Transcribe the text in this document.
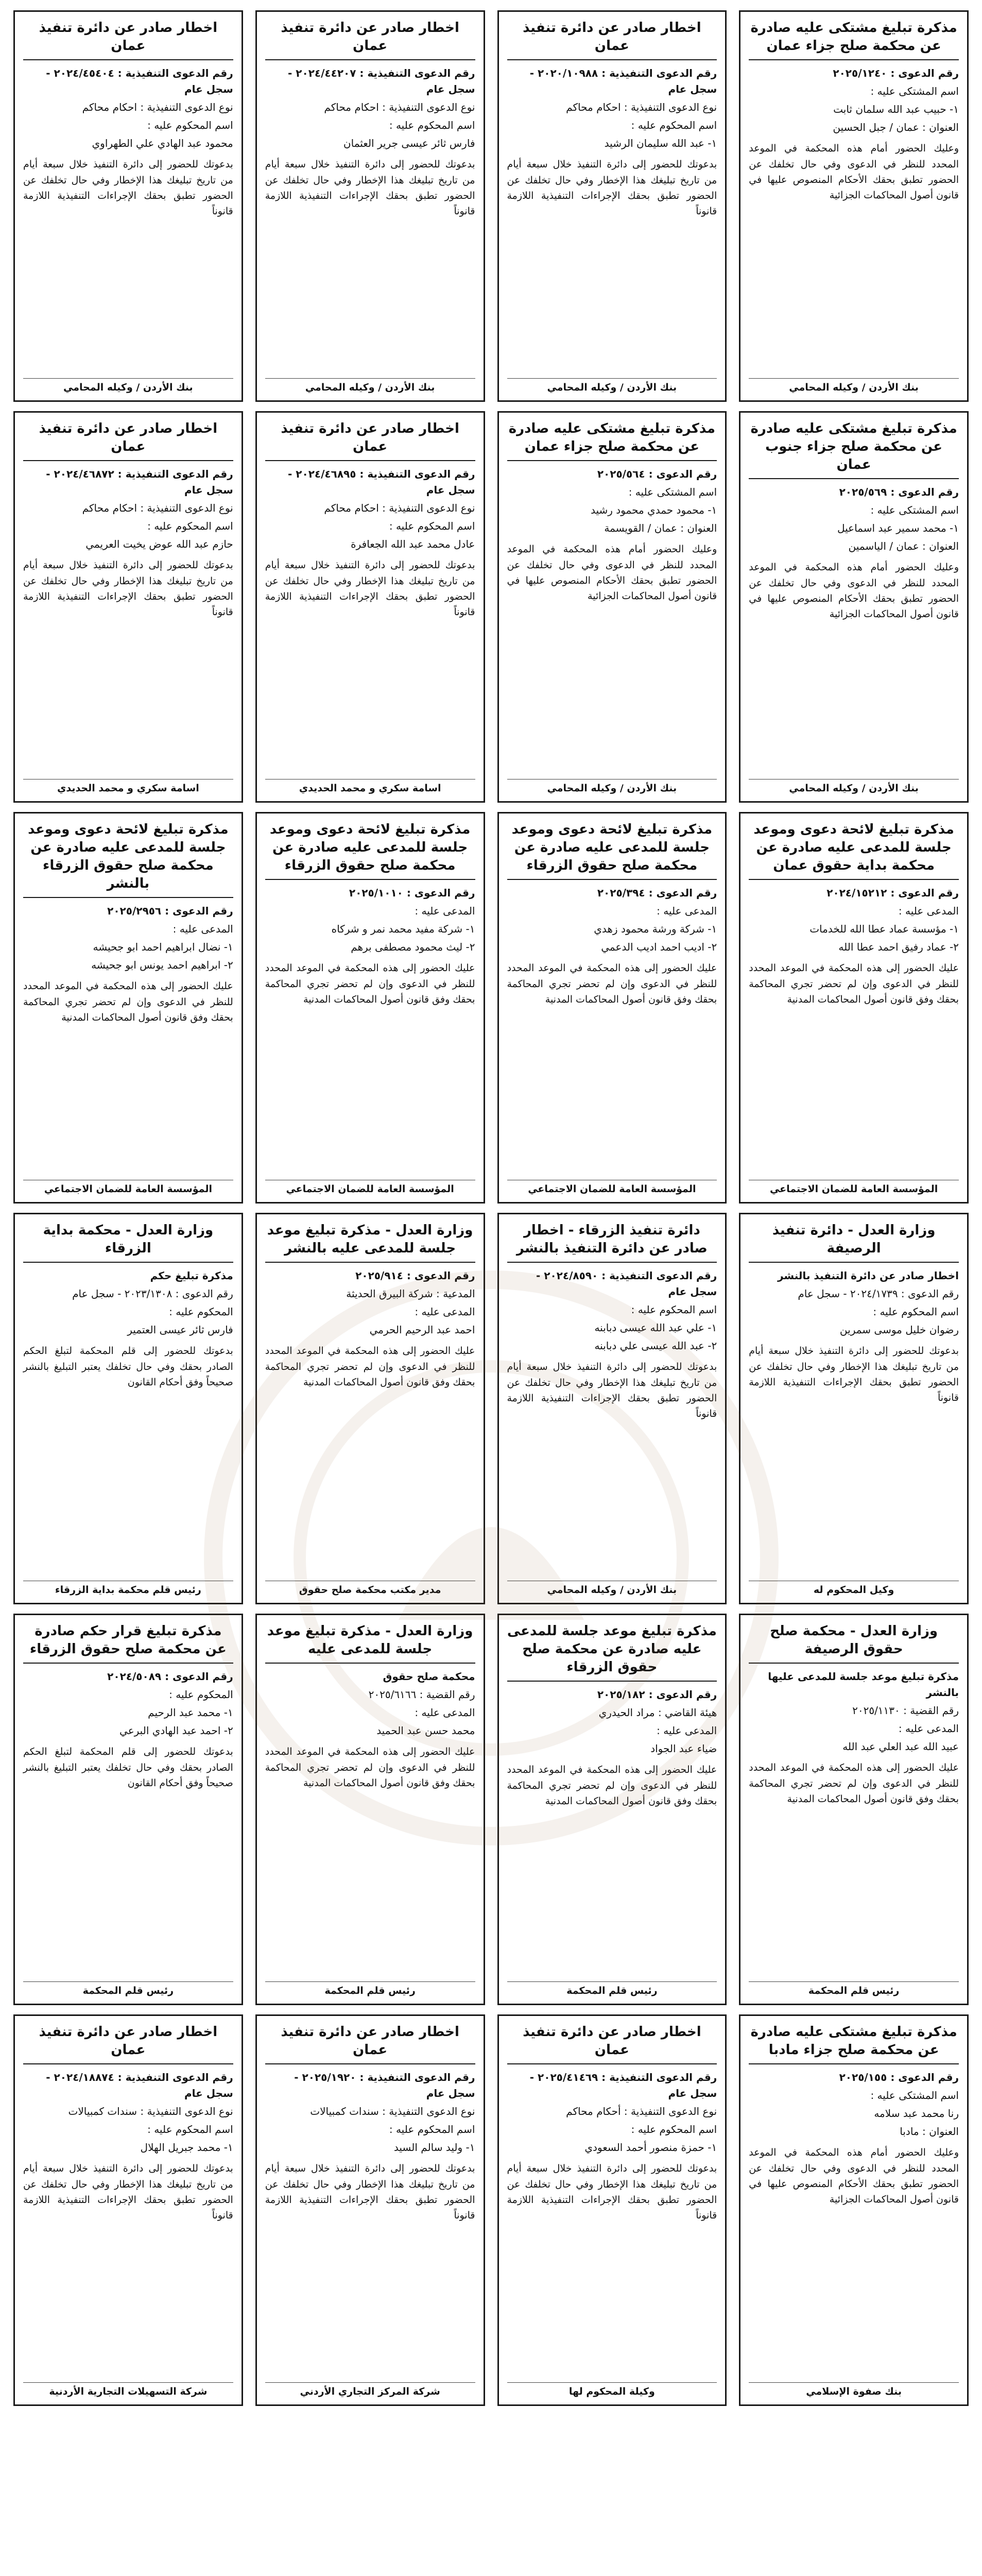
مذكرة تبليغ مشتكى عليه صادرة عن محكمة صلح جزاء عمان
رقم الدعوى : ٢٠٢٥/١٢٤٠
اسم المشتكى عليه :
١- حبيب عبد الله سلمان ثابت
العنوان : عمان / جبل الحسين
وعليك الحضور أمام هذه المحكمة في الموعد المحدد للنظر في الدعوى وفي حال تخلفك عن الحضور تطبق بحقك الأحكام المنصوص عليها في قانون أصول المحاكمات الجزائية
بنك الأردن / وكيله المحامي
اخطار صادر عن دائرة تنفيذ عمان
رقم الدعوى التنفيذية : ٢٠٢٠/١٠٩٨٨ - سجل عام
نوع الدعوى التنفيذية : احكام محاكم
اسم المحكوم عليه :
١- عبد الله سليمان الرشيد
بدعوتك للحضور إلى دائرة التنفيذ خلال سبعة أيام من تاريخ تبليغك هذا الإخطار وفي حال تخلفك عن الحضور تطبق بحقك الإجراءات التنفيذية اللازمة قانوناً
بنك الأردن / وكيله المحامي
اخطار صادر عن دائرة تنفيذ عمان
رقم الدعوى التنفيذية : ٢٠٢٤/٤٤٢٠٧ - سجل عام
نوع الدعوى التنفيذية : احكام محاكم
اسم المحكوم عليه :
فارس ثائر عيسى جرير العثمان
بدعوتك للحضور إلى دائرة التنفيذ خلال سبعة أيام من تاريخ تبليغك هذا الإخطار وفي حال تخلفك عن الحضور تطبق بحقك الإجراءات التنفيذية اللازمة قانوناً
بنك الأردن / وكيله المحامي
اخطار صادر عن دائرة تنفيذ عمان
رقم الدعوى التنفيذية : ٢٠٢٤/٤٥٤٠٤ - سجل عام
نوع الدعوى التنفيذية : احكام محاكم
اسم المحكوم عليه :
محمود عبد الهادي علي الطهراوي
بدعوتك للحضور إلى دائرة التنفيذ خلال سبعة أيام من تاريخ تبليغك هذا الإخطار وفي حال تخلفك عن الحضور تطبق بحقك الإجراءات التنفيذية اللازمة قانوناً
بنك الأردن / وكيله المحامي
مذكرة تبليغ مشتكى عليه صادرة عن محكمة صلح جزاء جنوب عمان
رقم الدعوى : ٢٠٢٥/٥٦٩
اسم المشتكى عليه :
١- محمد سمير عبد اسماعيل
العنوان : عمان / الياسمين
وعليك الحضور أمام هذه المحكمة في الموعد المحدد للنظر في الدعوى وفي حال تخلفك عن الحضور تطبق بحقك الأحكام المنصوص عليها في قانون أصول المحاكمات الجزائية
بنك الأردن / وكيله المحامي
مذكرة تبليغ مشتكى عليه صادرة عن محكمة صلح جزاء عمان
رقم الدعوى : ٢٠٢٥/٥٦٤
اسم المشتكى عليه :
١- محمود حمدي محمود رشيد
العنوان : عمان / القويسمة
وعليك الحضور أمام هذه المحكمة في الموعد المحدد للنظر في الدعوى وفي حال تخلفك عن الحضور تطبق بحقك الأحكام المنصوص عليها في قانون أصول المحاكمات الجزائية
بنك الأردن / وكيله المحامي
اخطار صادر عن دائرة تنفيذ عمان
رقم الدعوى التنفيذية : ٢٠٢٤/٤٦٨٩٥ - سجل عام
نوع الدعوى التنفيذية : احكام محاكم
اسم المحكوم عليه :
عادل محمد عبد الله الجعافرة
بدعوتك للحضور إلى دائرة التنفيذ خلال سبعة أيام من تاريخ تبليغك هذا الإخطار وفي حال تخلفك عن الحضور تطبق بحقك الإجراءات التنفيذية اللازمة قانوناً
اسامة سكري و محمد الحديدي
اخطار صادر عن دائرة تنفيذ عمان
رقم الدعوى التنفيذية : ٢٠٢٤/٤٦٨٧٢ - سجل عام
نوع الدعوى التنفيذية : احكام محاكم
اسم المحكوم عليه :
حازم عبد الله عوض يخيت العريمي
بدعوتك للحضور إلى دائرة التنفيذ خلال سبعة أيام من تاريخ تبليغك هذا الإخطار وفي حال تخلفك عن الحضور تطبق بحقك الإجراءات التنفيذية اللازمة قانوناً
اسامة سكري و محمد الحديدي
مذكرة تبليغ لائحة دعوى وموعد جلسة للمدعى عليه صادرة عن محكمة بداية حقوق عمان
رقم الدعوى : ٢٠٢٤/١٥٢١٢
المدعى عليه :
١- مؤسسة عماد عطا الله للخدمات
٢- عماد رفيق احمد عطا الله
عليك الحضور إلى هذه المحكمة في الموعد المحدد للنظر في الدعوى وإن لم تحضر تجري المحاكمة بحقك وفق قانون أصول المحاكمات المدنية
المؤسسة العامة للضمان الاجتماعي
مذكرة تبليغ لائحة دعوى وموعد جلسة للمدعى عليه صادرة عن محكمة صلح حقوق الزرقاء
رقم الدعوى : ٢٠٢٥/٣٩٤
المدعى عليه :
١- شركة ورشة محمود زهدي
٢- اديب احمد اديب الدعمي
عليك الحضور إلى هذه المحكمة في الموعد المحدد للنظر في الدعوى وإن لم تحضر تجري المحاكمة بحقك وفق قانون أصول المحاكمات المدنية
المؤسسة العامة للضمان الاجتماعي
مذكرة تبليغ لائحة دعوى وموعد جلسة للمدعى عليه صادرة عن محكمة صلح حقوق الزرقاء
رقم الدعوى : ٢٠٢٥/١٠١٠
المدعى عليه :
١- شركة مفيد محمد نمر و شركاه
٢- ليث محمود مصطفى برهم
عليك الحضور إلى هذه المحكمة في الموعد المحدد للنظر في الدعوى وإن لم تحضر تجري المحاكمة بحقك وفق قانون أصول المحاكمات المدنية
المؤسسة العامة للضمان الاجتماعي
مذكرة تبليغ لائحة دعوى وموعد جلسة للمدعى عليه صادرة عن محكمة صلح حقوق الزرقاء بالنشر
رقم الدعوى : ٢٠٢٥/٢٩٥٦
المدعى عليه :
١- نضال ابراهيم احمد ابو جحيشه
٢- ابراهيم احمد يونس ابو جحيشه
عليك الحضور إلى هذه المحكمة في الموعد المحدد للنظر في الدعوى وإن لم تحضر تجري المحاكمة بحقك وفق قانون أصول المحاكمات المدنية
المؤسسة العامة للضمان الاجتماعي
وزارة العدل - دائرة تنفيذ الرصيفة
اخطار صادر عن دائرة التنفيذ بالنشر
رقم الدعوى : ٢٠٢٤/١٧٣٩ - سجل عام
اسم المحكوم عليه :
رضوان خليل موسى سمرين
بدعوتك للحضور إلى دائرة التنفيذ خلال سبعة أيام من تاريخ تبليغك هذا الإخطار وفي حال تخلفك عن الحضور تطبق بحقك الإجراءات التنفيذية اللازمة قانوناً
وكيل المحكوم له
دائرة تنفيذ الزرقاء - اخطار صادر عن دائرة التنفيذ بالنشر
رقم الدعوى التنفيذية : ٢٠٢٤/٨٥٩٠ - سجل عام
اسم المحكوم عليه :
١- علي عبد الله عيسى دبابنه
٢- عبد الله عيسى علي دبابنه
بدعوتك للحضور إلى دائرة التنفيذ خلال سبعة أيام من تاريخ تبليغك هذا الإخطار وفي حال تخلفك عن الحضور تطبق بحقك الإجراءات التنفيذية اللازمة قانوناً
بنك الأردن / وكيله المحامي
وزارة العدل - مذكرة تبليغ موعد جلسة للمدعى عليه بالنشر
رقم الدعوى : ٢٠٢٥/٩١٤
المدعية : شركة البيرق الحديثة
المدعى عليه :
احمد عبد الرحيم الحرمي
عليك الحضور إلى هذه المحكمة في الموعد المحدد للنظر في الدعوى وإن لم تحضر تجري المحاكمة بحقك وفق قانون أصول المحاكمات المدنية
مدير مكتب محكمة صلح حقوق
وزارة العدل - محكمة بداية الزرقاء
مذكرة تبليغ حكم
رقم الدعوى : ٢٠٢٣/١٣٠٨ - سجل عام
المحكوم عليه :
فارس ثائر عيسى العتمير
بدعوتك للحضور إلى قلم المحكمة لتبلغ الحكم الصادر بحقك وفي حال تخلفك يعتبر التبليغ بالنشر صحيحاً وفق أحكام القانون
رئيس قلم محكمة بداية الزرقاء
وزارة العدل - محكمة صلح حقوق الرصيفة
مذكرة تبليغ موعد جلسة للمدعى عليها بالنشر
رقم القضية : ٢٠٢٥/١١٣٠
المدعى عليه :
عبيد الله عبد العلي عبد الله
عليك الحضور إلى هذه المحكمة في الموعد المحدد للنظر في الدعوى وإن لم تحضر تجري المحاكمة بحقك وفق قانون أصول المحاكمات المدنية
رئيس قلم المحكمة
مذكرة تبليغ موعد جلسة للمدعى عليه صادرة عن محكمة صلح حقوق الزرقاء
رقم الدعوى : ٢٠٢٥/١٨٢
هيئة القاضي : مراد الحيدري
المدعى عليه :
ضياء عبد الجواد
عليك الحضور إلى هذه المحكمة في الموعد المحدد للنظر في الدعوى وإن لم تحضر تجري المحاكمة بحقك وفق قانون أصول المحاكمات المدنية
رئيس قلم المحكمة
وزارة العدل - مذكرة تبليغ موعد جلسة للمدعى عليه
محكمة صلح حقوق
رقم القضية : ٢٠٢٥/٦١٦٦
المدعى عليه :
محمد حسن عبد الحميد
عليك الحضور إلى هذه المحكمة في الموعد المحدد للنظر في الدعوى وإن لم تحضر تجري المحاكمة بحقك وفق قانون أصول المحاكمات المدنية
رئيس قلم المحكمة
مذكرة تبليغ قرار حكم صادرة عن محكمة صلح حقوق الزرقاء
رقم الدعوى : ٢٠٢٤/٥٠٨٩
المحكوم عليه :
١- محمد عبد الرحيم
٢- احمد عبد الهادي البرعي
بدعوتك للحضور إلى قلم المحكمة لتبلغ الحكم الصادر بحقك وفي حال تخلفك يعتبر التبليغ بالنشر صحيحاً وفق أحكام القانون
رئيس قلم المحكمة
مذكرة تبليغ مشتكى عليه صادرة عن محكمة صلح جزاء مادبا
رقم الدعوى : ٢٠٢٥/١٥٥
اسم المشتكى عليه :
رنا محمد عبد سلامه
العنوان : مادبا
وعليك الحضور أمام هذه المحكمة في الموعد المحدد للنظر في الدعوى وفي حال تخلفك عن الحضور تطبق بحقك الأحكام المنصوص عليها في قانون أصول المحاكمات الجزائية
بنك صفوة الإسلامي
اخطار صادر عن دائرة تنفيذ عمان
رقم الدعوى التنفيذية : ٢٠٢٥/٤١٤٦٩ - سجل عام
نوع الدعوى التنفيذية : أحكام محاكم
اسم المحكوم عليه :
١- حمزة منصور أحمد السعودي
بدعوتك للحضور إلى دائرة التنفيذ خلال سبعة أيام من تاريخ تبليغك هذا الإخطار وفي حال تخلفك عن الحضور تطبق بحقك الإجراءات التنفيذية اللازمة قانوناً
وكيلة المحكوم لها
اخطار صادر عن دائرة تنفيذ عمان
رقم الدعوى التنفيذية : ٢٠٢٥/١٩٢٠ - سجل عام
نوع الدعوى التنفيذية : سندات كمبيالات
اسم المحكوم عليه :
١- وليد سالم السيد
بدعوتك للحضور إلى دائرة التنفيذ خلال سبعة أيام من تاريخ تبليغك هذا الإخطار وفي حال تخلفك عن الحضور تطبق بحقك الإجراءات التنفيذية اللازمة قانوناً
شركة المركز التجاري الأردني
اخطار صادر عن دائرة تنفيذ عمان
رقم الدعوى التنفيذية : ٢٠٢٤/١٨٨٧٤ - سجل عام
نوع الدعوى التنفيذية : سندات كمبيالات
اسم المحكوم عليه :
١- محمد جبريل الهلال
بدعوتك للحضور إلى دائرة التنفيذ خلال سبعة أيام من تاريخ تبليغك هذا الإخطار وفي حال تخلفك عن الحضور تطبق بحقك الإجراءات التنفيذية اللازمة قانوناً
شركة التسهيلات التجارية الأردنية
